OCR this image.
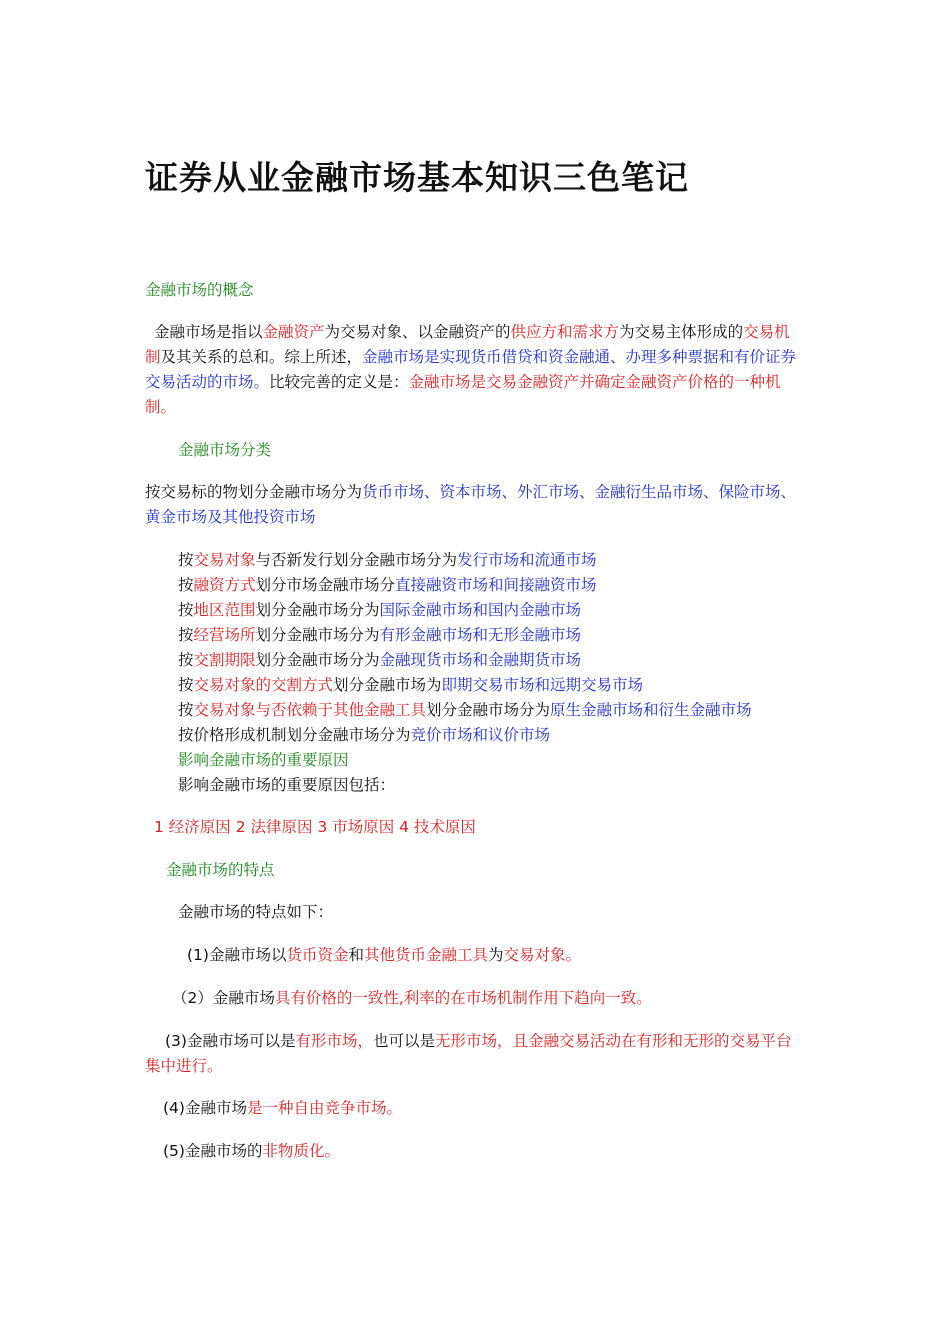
证券从业金融市场基本知识三色笔记
金融市场的概念
金融市场是指以金融资产为交易对象、以金融资产的供应方和需求方为交易主体形成的交易机制及其关系的总和。综上所述，金融市场是实现货币借贷和资金融通、办理多种票据和有价证券交易活动的市场。比较完善的定义是：金融市场是交易金融资产并确定金融资产价格的一种机制。
金融市场分类
按交易标的物划分金融市场分为货币市场、资本市场、外汇市场、金融衍生品市场、保险市场、黄金市场及其他投资市场
按交易对象与否新发行划分金融市场分为发行市场和流通市场
按融资方式划分市场金融市场分直接融资市场和间接融资市场
按地区范围划分金融市场分为国际金融市场和国内金融市场
按经营场所划分金融市场分为有形金融市场和无形金融市场
按交割期限划分金融市场分为金融现货市场和金融期货市场
按交易对象的交割方式划分金融市场为即期交易市场和远期交易市场
按交易对象与否依赖于其他金融工具划分金融市场分为原生金融市场和衍生金融市场
按价格形成机制划分金融市场分为竞价市场和议价市场
影响金融市场的重要原因
影响金融市场的重要原因包括：
1 经济原因 2 法律原因 3 市场原因 4 技术原因
金融市场的特点
金融市场的特点如下：
(1)金融市场以货币资金和其他货币金融工具为交易对象。
（2）金融市场具有价格的一致性,利率的在市场机制作用下趋向一致。
(3)金融市场可以是有形市场，也可以是无形市场，且金融交易活动在有形和无形的交易平台集中进行。
(4)金融市场是一种自由竞争市场。
(5)金融市场的非物质化。
